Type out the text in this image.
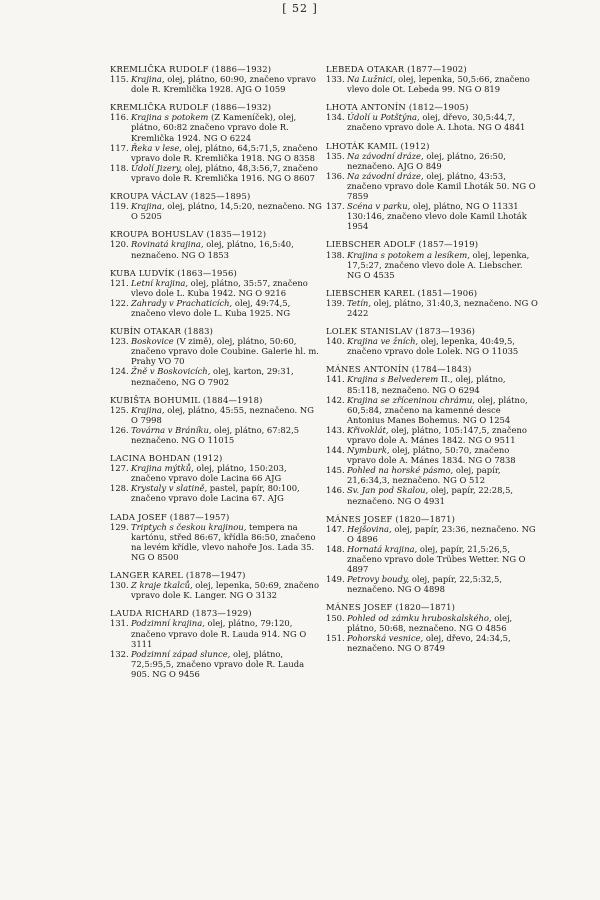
[ 52 ]
KREMLIČKA RUDOLF (1886—1932)
115. Krajina, olej, plátno, 60:90, značeno vpravo dole R. Kremlička 1928. AJG O 1059
KREMLIČKA RUDOLF (1886—1932)
116. Krajina s potokem (Z Kameníček), olej, plátno, 60:82 značeno vpravo dole R. Kremlička 1924. NG O 6224
117. Řeka v lese, olej, plátno, 64,5:71,5, značeno vpravo dole R. Kremlička 1918. NG O 8358
118. Údolí Jizery, olej, plátno, 48,3:56,7, značeno vpravo dole R. Kremlička 1916. NG O 8607
KROUPA VÁCLAV (1825—1895)
119. Krajina, olej, plátno, 14,5:20, neznačeno. NG O 5205
KROUPA BOHUSLAV (1835—1912)
120. Rovinatá krajina, olej, plátno, 16,5:40, neznačeno. NG O 1853
KUBA LUDVÍK (1863—1956)
121. Letní krajina, olej, plátno, 35:57, značeno vlevo dole L. Kuba 1942. NG O 9216
122. Zahrady v Prachaticích, olej, 49:74,5, značeno vlevo dole L. Kuba 1925. NG
KUBÍN OTAKAR (1883)
123. Boskovice (V zimě), olej, plátno, 50:60, značeno vpravo dole Coubine. Galerie hl. m. Prahy VO 70
124. Žně v Boskovicích, olej, karton, 29:31, neznačeno, NG O 7902
KUBIŠTA BOHUMIL (1884—1918)
125. Krajina, olej, plátno, 45:55, neznačeno. NG O 7998
126. Továrna v Bráníku, olej, plátno, 67:82,5 neznačeno. NG O 11015
LACINA BOHDAN (1912)
127. Krajina mýtků, olej, plátno, 150:203, značeno vpravo dole Lacina 66 AJG
128. Krystaly v slatině, pastel, papír, 80:100, značeno vpravo dole Lacina 67. AJG
LADA JOSEF (1887—1957)
129. Triptych s českou krajinou, tempera na kartónu, střed 86:67, křídla 86:50, značeno na levém křídle, vlevo nahoře Jos. Lada 35. NG O 8500
LANGER KAREL (1878—1947)
130. Z kraje tkalců, olej, lepenka, 50:69, značeno vpravo dole K. Langer. NG O 3132
LAUDA RICHARD (1873—1929)
131. Podzimní krajina, olej, plátno, 79:120, značeno vpravo dole R. Lauda 914. NG O 3111
132. Podzimní západ slunce, olej, plátno, 72,5:95,5, značeno vpravo dole R. Lauda 905. NG O 9456
LEBEDA OTAKAR (1877—1902)
133. Na Lužnici, olej, lepenka, 50,5:66, značeno vlevo dole Ot. Lebeda 99. NG O 819
LHOTA ANTONÍN (1812—1905)
134. Údolí u Potštýna, olej, dřevo, 30,5:44,7, značeno vpravo dole A. Lhota. NG O 4841
LHOTÁK KAMIL (1912)
135. Na závodní dráze, olej, plátno, 26:50, neznačeno. AJG O 849
136. Na závodní dráze, olej, plátno, 43:53, značeno vpravo dole Kamil Lhoták 50. NG O 7859
137. Scéna v parku, olej, plátno, NG O 11331 130:146, značeno vlevo dole Kamil Lhoták 1954
LIEBSCHER ADOLF (1857—1919)
138. Krajina s potokem a lesíkem, olej, lepenka, 17,5:27, značeno vlevo dole A. Liebscher. NG O 4535
LIEBSCHER KAREL (1851—1906)
139. Tetín, olej, plátno, 31:40,3, neznačeno. NG O 2422
LOLEK STANISLAV (1873—1936)
140. Krajina ve žních, olej, lepenka, 40:49,5, značeno vpravo dole Lolek. NG O 11035
MÁNES ANTONÍN (1784—1843)
141. Krajina s Belvederem II., olej, plátno, 85:118, neznačeno. NG O 6294
142. Krajina se zříceninou chrámu, olej, plátno, 60,5:84, značeno na kamenné desce Antonius Manes Bohemus. NG O 1254
143. Křivoklát, olej, plátno, 105:147,5, značeno vpravo dole A. Mánes 1842. NG O 9511
144. Nymburk, olej, plátno, 50:70, značeno vpravo dole A. Mánes 1834. NG O 7838
145. Pohled na horské pásmo, olej, papír, 21,6:34,3, neznačeno. NG O 512
146. Sv. Jan pod Skalou, olej, papír, 22:28,5, neznačeno. NG O 4931
MÁNES JOSEF (1820—1871)
147. Hejšovina, olej, papír, 23:36, neznačeno. NG O 4896
148. Hornatá krajina, olej, papír, 21,5:26,5, značeno vpravo dole Trübes Wetter. NG O 4897
149. Petrovy boudy, olej, papír, 22,5:32,5, neznačeno. NG O 4898
MÁNES JOSEF (1820—1871)
150. Pohled od zámku hruboskalského, olej, plátno, 50:68, neznačeno. NG O 4856
151. Pohorská vesnice, olej, dřevo, 24:34,5, neznačeno. NG O 8749
